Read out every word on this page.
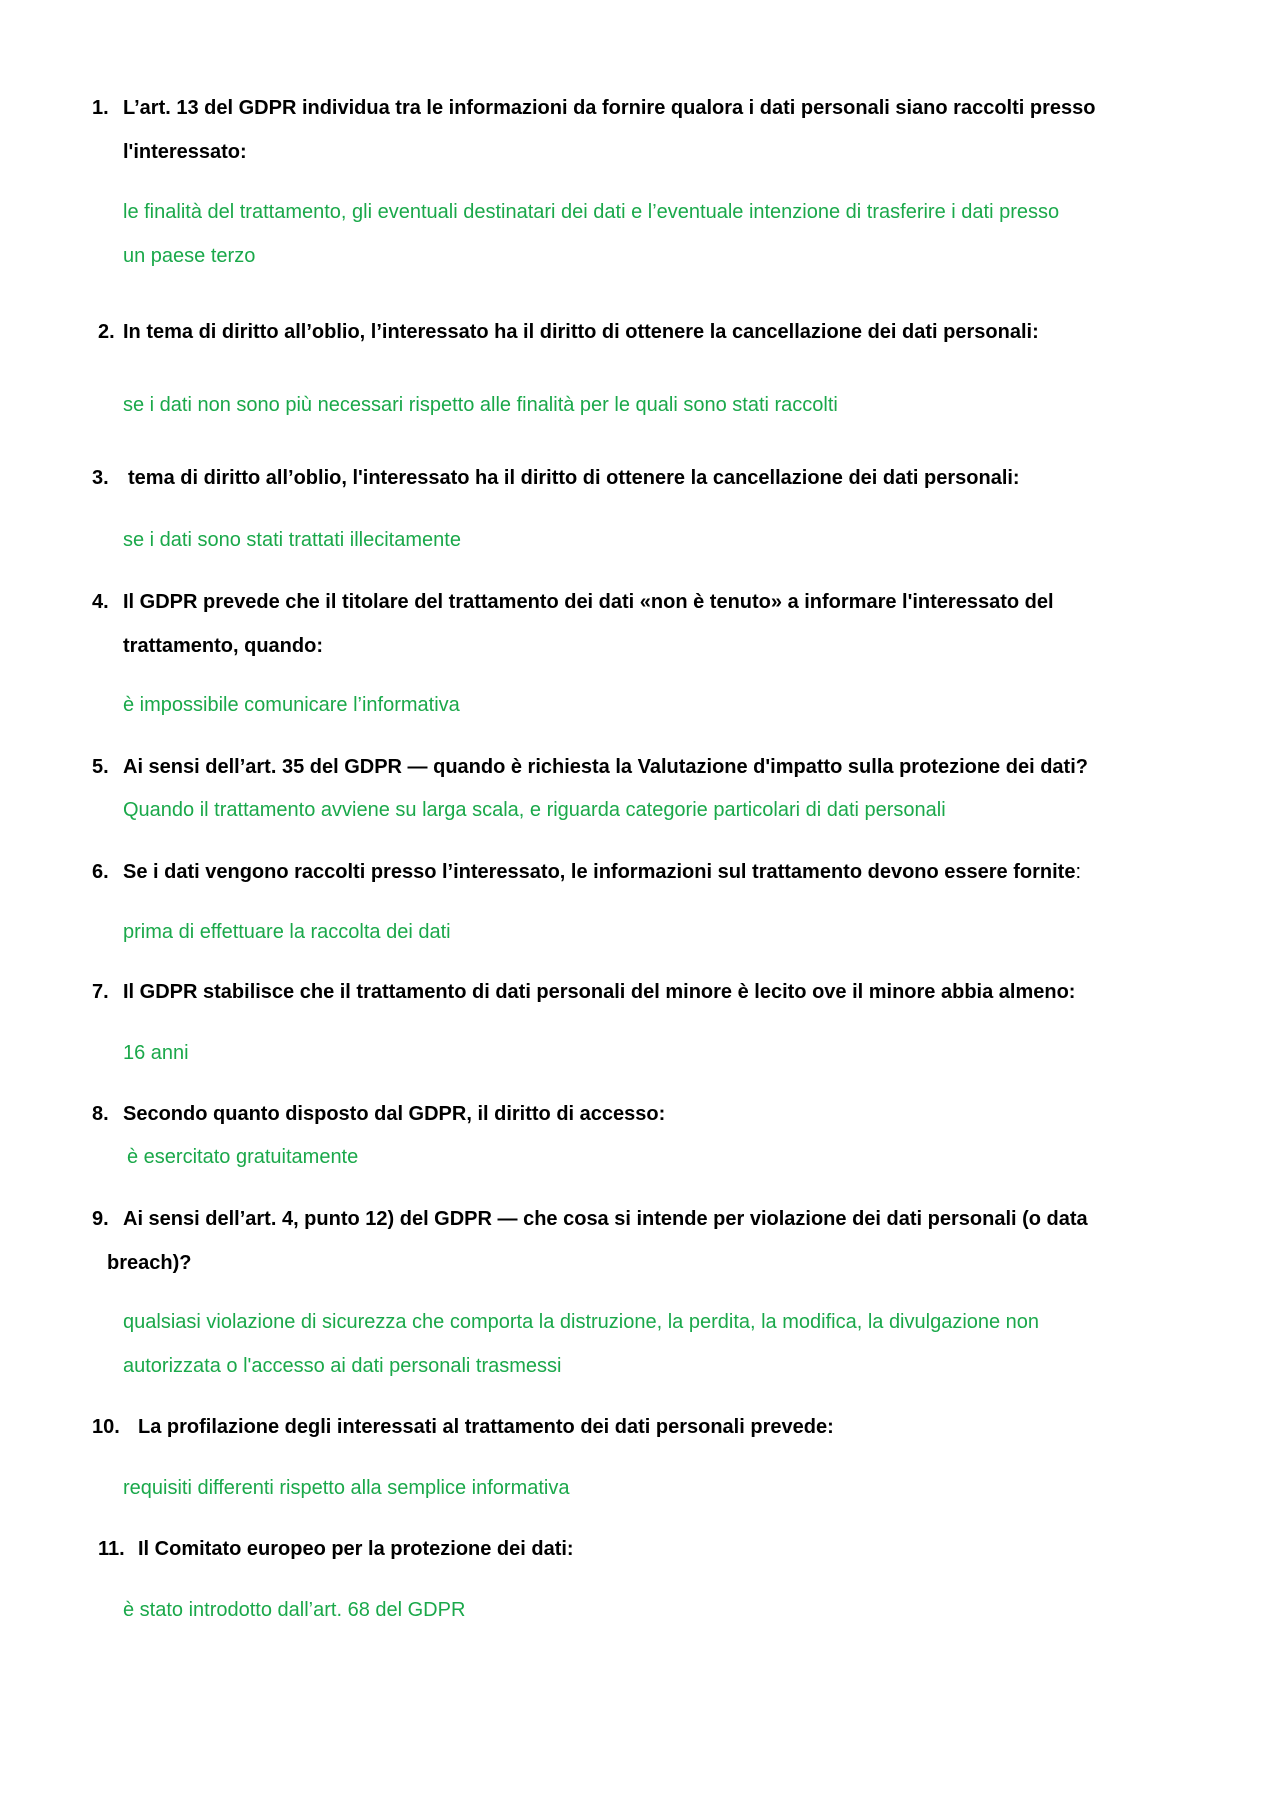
1. L’art. 13 del GDPR individua tra le informazioni da fornire qualora i dati personali siano raccolti presso
l'interessato:
le finalità del trattamento, gli eventuali destinatari dei dati e l’eventuale intenzione di trasferire i dati presso
un paese terzo
2. In tema di diritto all’oblio, l’interessato ha il diritto di ottenere la cancellazione dei dati personali:
se i dati non sono più necessari rispetto alle finalità per le quali sono stati raccolti
3. tema di diritto all’oblio, l'interessato ha il diritto di ottenere la cancellazione dei dati personali:
se i dati sono stati trattati illecitamente
4. Il GDPR prevede che il titolare del trattamento dei dati «non è tenuto» a informare l'interessato del
trattamento, quando:
è impossibile comunicare l’informativa
5. Ai sensi dell’art. 35 del GDPR — quando è richiesta la Valutazione d'impatto sulla protezione dei dati?
Quando il trattamento avviene su larga scala, e riguarda categorie particolari di dati personali
6. Se i dati vengono raccolti presso l’interessato, le informazioni sul trattamento devono essere fornite:
prima di effettuare la raccolta dei dati
7. Il GDPR stabilisce che il trattamento di dati personali del minore è lecito ove il minore abbia almeno:
16 anni
8. Secondo quanto disposto dal GDPR, il diritto di accesso:
è esercitato gratuitamente
9. Ai sensi dell’art. 4, punto 12) del GDPR — che cosa si intende per violazione dei dati personali (o data
breach)?
qualsiasi violazione di sicurezza che comporta la distruzione, la perdita, la modifica, la divulgazione non
autorizzata o l'accesso ai dati personali trasmessi
10. La profilazione degli interessati al trattamento dei dati personali prevede:
requisiti differenti rispetto alla semplice informativa
11. Il Comitato europeo per la protezione dei dati:
è stato introdotto dall’art. 68 del GDPR
